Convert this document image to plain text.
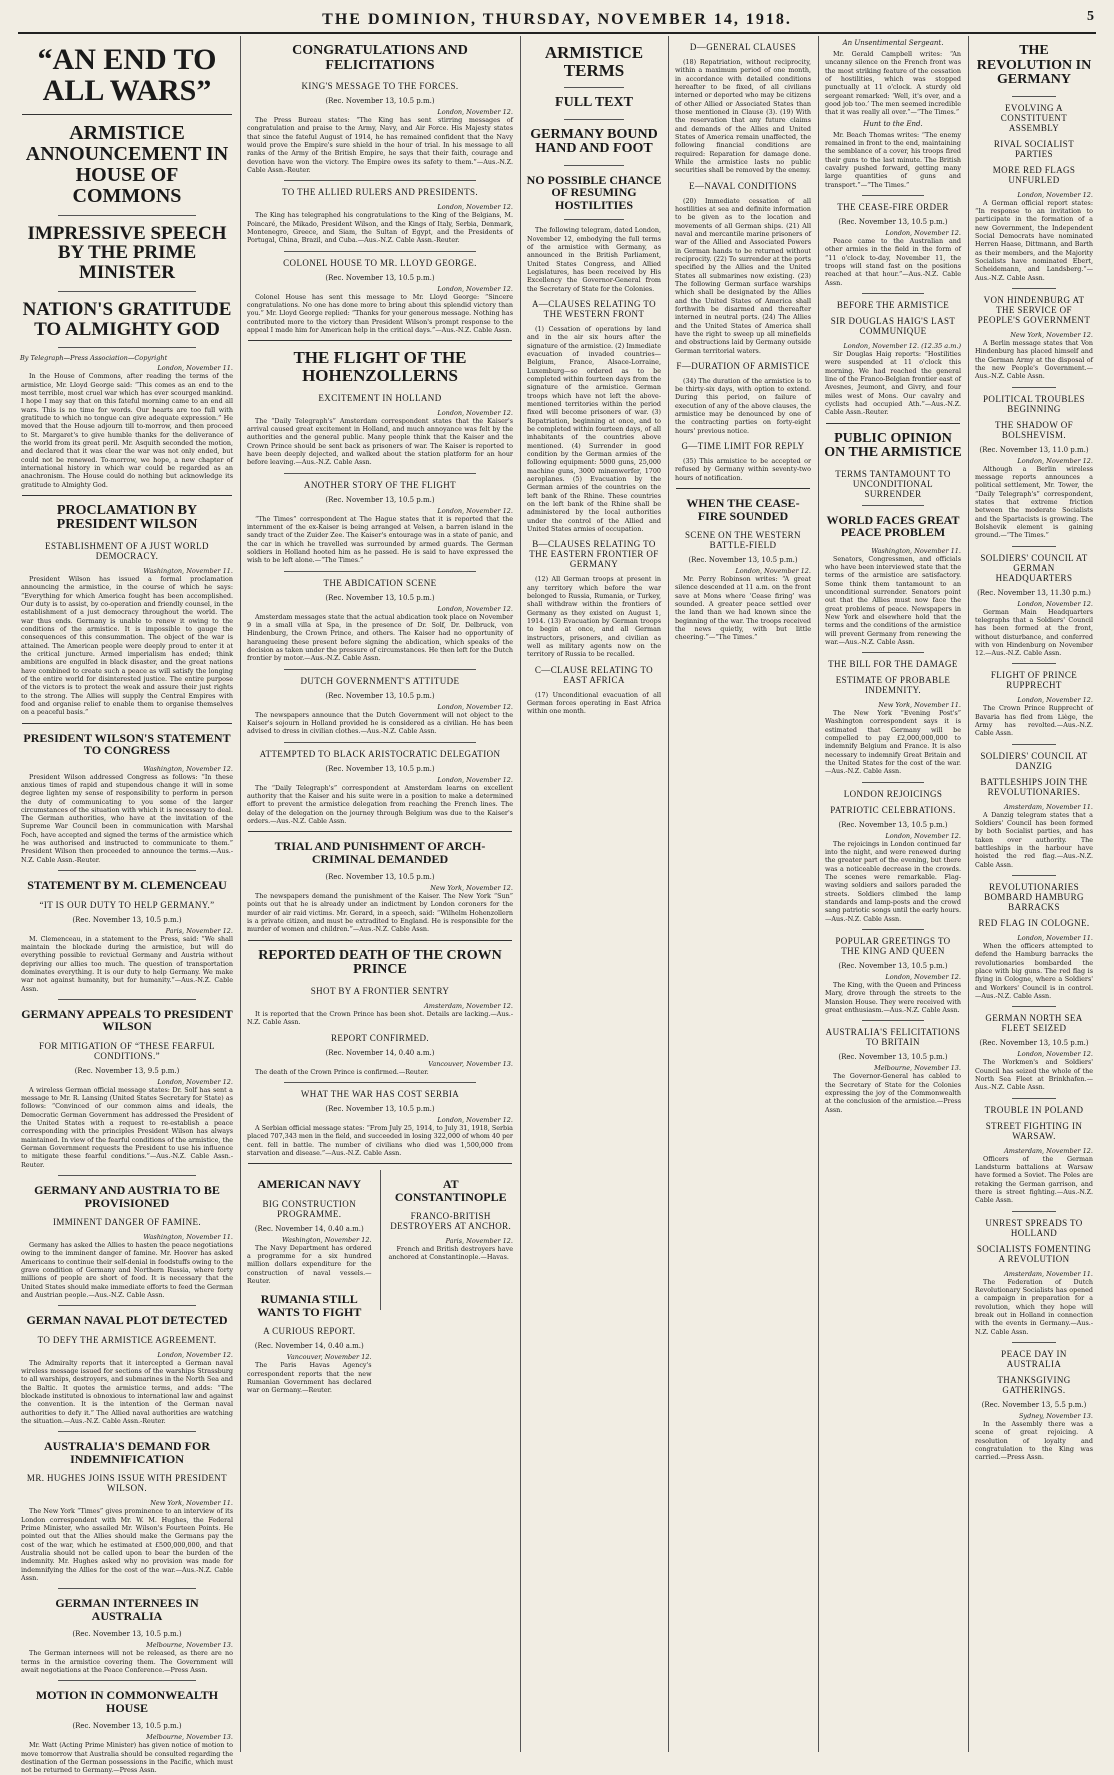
THE DOMINION, THURSDAY, NOVEMBER 14, 1918.	5
“AN END TO ALL WARS”
ARMISTICE ANNOUNCEMENT IN HOUSE OF COMMONS
IMPRESSIVE SPEECH BY THE PRIME MINISTER
NATION'S GRATITUDE TO ALMIGHTY GOD
By Telegraph—Press Association—Copyright
London, November 11.

In the House of Commons, after reading the terms of the armistice, Mr. Lloyd George said: “This comes as an end to the most terrible, most cruel war which has ever scourged mankind. I hope I may say that on this fateful morning came to an end all wars. This is no time for words. Our hearts are too full with gratitude to which no tongue can give adequate expression.” He moved that the House adjourn till to-morrow, and then proceed to St. Margaret's to give humble thanks for the deliverance of the world from its great peril. Mr. Asquith seconded the motion, and declared that it was clear the war was not only ended, but could not be renewed. To-morrow, we hope, a new chapter of international history in which war could be regarded as an anachronism. The House could do nothing but acknowledge its gratitude to Almighty God.

PROCLAMATION BY PRESIDENT WILSON
ESTABLISHMENT OF A JUST WORLD DEMOCRACY.
Washington, November 11.

President Wilson has issued a formal proclamation announcing the armistice, in the course of which he says: “Everything for which America fought has been accomplished. Our duty is to assist, by co-operation and friendly counsel, in the establishment of a just democracy throughout the world. The war thus ends. Germany is unable to renew it owing to the conditions of the armistice. It is impossible to gauge the consequences of this consummation. The object of the war is attained. The American people were deeply proud to enter it at the critical juncture. Armed imperialism has ended; think ambitions are engulfed in black disaster, and the great nations have combined to create such a peace as will satisfy the longing of the entire world for disinterested justice. The entire purpose of the victors is to protect the weak and assure their just rights to the strong. The Allies will supply the Central Empires with food and organise relief to enable them to organise themselves on a peaceful basis.”

PRESIDENT WILSON'S STATEMENT TO CONGRESS
Washington, November 12.

President Wilson addressed Congress as follows: “In these anxious times of rapid and stupendous change it will in some degree lighten my sense of responsibility to perform in person the duty of communicating to you some of the larger circumstances of the situation with which it is necessary to deal. The German authorities, who have at the invitation of the Supreme War Council been in communication with Marshal Foch, have accepted and signed the terms of the armistice which he was authorised and instructed to communicate to them.” President Wilson then proceeded to announce the terms.—Aus.-N.Z. Cable Assn.-Reuter.

STATEMENT BY M. CLEMENCEAU
“IT IS OUR DUTY TO HELP GERMANY.”
(Rec. November 13, 10.5 p.m.)
Paris, November 12.

M. Clemenceau, in a statement to the Press, said: “We shall maintain the blockade during the armistice, but will do everything possible to revictual Germany and Austria without depriving our allies too much. The question of transportation dominates everything. It is our duty to help Germany. We make war not against humanity, but for humanity.”—Aus.-N.Z. Cable Assn.

GERMANY APPEALS TO PRESIDENT WILSON
FOR MITIGATION OF “THESE FEARFUL CONDITIONS.”
(Rec. November 13, 9.5 p.m.)
London, November 12.

A wireless German official message states: Dr. Solf has sent a message to Mr. R. Lansing (United States Secretary for State) as follows: “Convinced of our common aims and ideals, the Democratic German Government has addressed the President of the United States with a request to re-establish a peace corresponding with the principles President Wilson has always maintained. In view of the fearful conditions of the armistice, the German Government requests the President to use his influence to mitigate these fearful conditions.”—Aus.-N.Z. Cable Assn.-Reuter.

GERMANY AND AUSTRIA TO BE PROVISIONED
IMMINENT DANGER OF FAMINE.
Washington, November 11.

Germany has asked the Allies to hasten the peace negotiations owing to the imminent danger of famine. Mr. Hoover has asked Americans to continue their self-denial in foodstuffs owing to the grave condition of Germany and Northern Russia, where forty millions of people are short of food. It is necessary that the United States should make immediate efforts to feed the German and Austrian people.—Aus.-N.Z. Cable Assn.

GERMAN NAVAL PLOT DETECTED
TO DEFY THE ARMISTICE AGREEMENT.
London, November 12.

The Admiralty reports that it intercepted a German naval wireless message issued for sections of the warships Strassburg to all warships, destroyers, and submarines in the North Sea and the Baltic. It quotes the armistice terms, and adds: “The blockade instituted is obnoxious to international law and against the convention. It is the intention of the German naval authorities to defy it.” The Allied naval authorities are watching the situation.—Aus.-N.Z. Cable Assn.-Reuter.

AUSTRALIA'S DEMAND FOR INDEMNIFICATION
MR. HUGHES JOINS ISSUE WITH PRESIDENT WILSON.
New York, November 11.

The New York “Times” gives prominence to an interview of its London correspondent with Mr. W. M. Hughes, the Federal Prime Minister, who assailed Mr. Wilson's Fourteen Points. He pointed out that the Allies should make the Germans pay the cost of the war, which he estimated at £500,000,000, and that Australia should not be called upon to bear the burden of the indemnity. Mr. Hughes asked why no provision was made for indemnifying the Allies for the cost of the war.—Aus.-N.Z. Cable Assn.

GERMAN INTERNEES IN AUSTRALIA
(Rec. November 13, 10.5 p.m.)
Melbourne, November 13.

The German internees will not be released, as there are no terms in the armistice covering them. The Government will await negotiations at the Peace Conference.—Press Assn.

MOTION IN COMMONWEALTH HOUSE
(Rec. November 13, 10.5 p.m.)
Melbourne, November 13.

Mr. Watt (Acting Prime Minister) has given notice of motion to move tomorrow that Australia should be consulted regarding the destination of the German possessions in the Pacific, which must not be returned to Germany.—Press Assn.

CONGRATULATIONS AND FELICITATIONS
KING'S MESSAGE TO THE FORCES.
(Rec. November 13, 10.5 p.m.)
London, November 12.

The Press Bureau states: “The King has sent stirring messages of congratulation and praise to the Army, Navy, and Air Force. His Majesty states that since the fateful August of 1914, he has remained confident that the Navy would prove the Empire's sure shield in the hour of trial. In his message to all ranks of the Army of the British Empire, he says that their faith, courage and devotion have won the victory. The Empire owes its safety to them.”—Aus.-N.Z. Cable Assn.-Reuter.

TO THE ALLIED RULERS AND PRESIDENTS.
London, November 12.

The King has telegraphed his congratulations to the King of the Belgians, M. Poincaré, the Mikado, President Wilson, and the Kings of Italy, Serbia, Denmark, Montenegro, Greece, and Siam, the Sultan of Egypt, and the Presidents of Portugal, China, Brazil, and Cuba.—Aus.-N.Z. Cable Assn.-Reuter.

COLONEL HOUSE TO MR. LLOYD GEORGE.
(Rec. November 13, 10.5 p.m.)
London, November 12.

Colonel House has sent this message to Mr. Lloyd George: “Sincere congratulations. No one has done more to bring about this splendid victory than you.” Mr. Lloyd George replied: “Thanks for your generous message. Nothing has contributed more to the victory than President Wilson's prompt response to the appeal I made him for American help in the critical days.”—Aus.-N.Z. Cable Assn.

THE FLIGHT OF THE HOHENZOLLERNS
EXCITEMENT IN HOLLAND
London, November 12.

The “Daily Telegraph's” Amsterdam correspondent states that the Kaiser's arrival caused great excitement in Holland, and much annoyance was felt by the authorities and the general public. Many people think that the Kaiser and the Crown Prince should be sent back as prisoners of war. The Kaiser is reported to have been deeply dejected, and walked about the station platform for an hour before leaving.—Aus.-N.Z. Cable Assn.

ANOTHER STORY OF THE FLIGHT
(Rec. November 13, 10.5 p.m.)
London, November 12.

“The Times” correspondent at The Hague states that it is reported that the internment of the ex-Kaiser is being arranged at Velsen, a barren island in the sandy tract of the Zuider Zee. The Kaiser's entourage was in a state of panic, and the car in which he travelled was surrounded by armed guards. The German soldiers in Holland hooted him as he passed. He is said to have expressed the wish to be left alone.—“The Times.”

THE ABDICATION SCENE
(Rec. November 13, 10.5 p.m.)
London, November 12.

Amsterdam messages state that the actual abdication took place on November 9 in a small villa at Spa, in the presence of Dr. Solf, Dr. Delbruck, von Hindenburg, the Crown Prince, and others. The Kaiser had no opportunity of harangueing these present before signing the abdication, which speaks of the decision as taken under the pressure of circumstances. He then left for the Dutch frontier by motor.—Aus.-N.Z. Cable Assn.

DUTCH GOVERNMENT'S ATTITUDE
(Rec. November 13, 10.5 p.m.)
London, November 12.

The newspapers announce that the Dutch Government will not object to the Kaiser's sojourn in Holland provided he is considered as a civilian. He has been advised to dress in civilian clothes.—Aus.-N.Z. Cable Assn.

ATTEMPTED TO BLACK ARISTOCRATIC DELEGATION
(Rec. November 13, 10.5 p.m.)
London, November 12.

The “Daily Telegraph's” correspondent at Amsterdam learns on excellent authority that the Kaiser and his suite were in a position to make a determined effort to prevent the armistice delegation from reaching the French lines. The delay of the delegation on the journey through Belgium was due to the Kaiser's orders.—Aus.-N.Z. Cable Assn.

TRIAL AND PUNISHMENT OF ARCH-CRIMINAL DEMANDED
(Rec. November 13, 10.5 p.m.)
New York, November 12.

The newspapers demand the punishment of the Kaiser. The New York “Sun” points out that he is already under an indictment by London coroners for the murder of air raid victims. Mr. Gerard, in a speech, said: “Wilhelm Hohenzollern is a private citizen, and must be extradited to England. He is responsible for the murder of women and children.”—Aus.-N.Z. Cable Assn.

REPORTED DEATH OF THE CROWN PRINCE
SHOT BY A FRONTIER SENTRY
Amsterdam, November 12.

It is reported that the Crown Prince has been shot. Details are lacking.—Aus.-N.Z. Cable Assn.

REPORT CONFIRMED.
(Rec. November 14, 0.40 a.m.)
Vancouver, November 13.

The death of the Crown Prince is confirmed.—Reuter.

WHAT THE WAR HAS COST SERBIA
(Rec. November 13, 10.5 p.m.)
London, November 12.

A Serbian official message states: “From July 25, 1914, to July 31, 1918, Serbia placed 707,343 men in the field, and succeeded in losing 322,000 of whom 40 per cent. fell in battle. The number of civilians who died was 1,500,000 from starvation and disease.”—Aus.-N.Z. Cable Assn.

AMERICAN NAVY
BIG CONSTRUCTION PROGRAMME.
(Rec. November 14, 0.40 a.m.)
Washington, November 12.

The Navy Department has ordered a programme for a six hundred million dollars expenditure for the construction of naval vessels.—Reuter.

RUMANIA STILL WANTS TO FIGHT
A CURIOUS REPORT.
(Rec. November 14, 0.40 a.m.)
Vancouver, November 12.

The Paris Havas Agency's correspondent reports that the new Rumanian Government has declared war on Germany.—Reuter.

AT CONSTANTINOPLE
FRANCO-BRITISH DESTROYERS AT ANCHOR.
Paris, November 12.

French and British destroyers have anchored at Constantinople.—Havas.

ARMISTICE TERMS
FULL TEXT
GERMANY BOUND HAND AND FOOT
NO POSSIBLE CHANCE OF RESUMING HOSTILITIES

The following telegram, dated London, November 12, embodying the full terms of the armistice with Germany, as announced in the British Parliament, United States Congress, and Allied Legislatures, has been received by His Excellency the Governor-General from the Secretary of State for the Colonies.

A—CLAUSES RELATING TO THE WESTERN FRONT

(1) Cessation of operations by land and in the air six hours after the signature of the armistice. (2) Immediate evacuation of invaded countries—Belgium, France, Alsace-Lorraine, Luxemburg—so ordered as to be completed within fourteen days from the signature of the armistice. German troops which have not left the above-mentioned territories within the period fixed will become prisoners of war. (3) Repatriation, beginning at once, and to be completed within fourteen days, of all inhabitants of the countries above mentioned. (4) Surrender in good condition by the German armies of the following equipment: 5000 guns, 25,000 machine guns, 3000 minenwerfer, 1700 aeroplanes. (5) Evacuation by the German armies of the countries on the left bank of the Rhine. These countries on the left bank of the Rhine shall be administered by the local authorities under the control of the Allied and United States armies of occupation.

B—CLAUSES RELATING TO THE EASTERN FRONTIER OF GERMANY

(12) All German troops at present in any territory which before the war belonged to Russia, Rumania, or Turkey, shall withdraw within the frontiers of Germany as they existed on August 1, 1914. (13) Evacuation by German troops to begin at once, and all German instructors, prisoners, and civilian as well as military agents now on the territory of Russia to be recalled.

C—CLAUSE RELATING TO EAST AFRICA

(17) Unconditional evacuation of all German forces operating in East Africa within one month.

D—GENERAL CLAUSES

(18) Repatriation, without reciprocity, within a maximum period of one month, in accordance with detailed conditions hereafter to be fixed, of all civilians interned or deported who may be citizens of other Allied or Associated States than those mentioned in Clause (3). (19) With the reservation that any future claims and demands of the Allies and United States of America remain unaffected, the following financial conditions are required: Reparation for damage done. While the armistice lasts no public securities shall be removed by the enemy.

E—NAVAL CONDITIONS

(20) Immediate cessation of all hostilities at sea and definite information to be given as to the location and movements of all German ships. (21) All naval and mercantile marine prisoners of war of the Allied and Associated Powers in German hands to be returned without reciprocity. (22) To surrender at the ports specified by the Allies and the United States all submarines now existing. (23) The following German surface warships which shall be designated by the Allies and the United States of America shall forthwith be disarmed and thereafter interned in neutral ports. (24) The Allies and the United States of America shall have the right to sweep up all minefields and obstructions laid by Germany outside German territorial waters.

F—DURATION OF ARMISTICE

(34) The duration of the armistice is to be thirty-six days, with option to extend. During this period, on failure of execution of any of the above clauses, the armistice may be denounced by one of the contracting parties on forty-eight hours' previous notice.

G—TIME LIMIT FOR REPLY

(35) This armistice to be accepted or refused by Germany within seventy-two hours of notification.

WHEN THE CEASE-FIRE SOUNDED
SCENE ON THE WESTERN BATTLE-FIELD
(Rec. November 13, 10.5 p.m.)
London, November 12.

Mr. Perry Robinson writes: “A great silence descended at 11 a.m. on the front save at Mons where ‘Cease firing’ was sounded. A greater peace settled over the land than we had known since the beginning of the war. The troops received the news quietly, with but little cheering.”—“The Times.”

An Unsentimental Sergeant.

Mr. Gerald Campbell writes: “An uncanny silence on the French front was the most striking feature of the cessation of hostilities, which was stopped punctually at 11 o'clock. A sturdy old sergeant remarked: ‘Well, it's over, and a good job too.’ The men seemed incredible that it was really all over.”—“The Times.”

Hunt to the End.

Mr. Beach Thomas writes: “The enemy remained in front to the end, maintaining the semblance of a cover, his troops fired their guns to the last minute. The British cavalry pushed forward, getting many large quantities of guns and transport.”—“The Times.”

THE CEASE-FIRE ORDER
(Rec. November 13, 10.5 p.m.)
London, November 12.

Peace came to the Australian and other armies in the field in the form of “11 o'clock to-day, November 11, the troops will stand fast on the positions reached at that hour.”—Aus.-N.Z. Cable Assn.

BEFORE THE ARMISTICE
SIR DOUGLAS HAIG'S LAST COMMUNIQUE
London, November 12. (12.35 a.m.)

Sir Douglas Haig reports: “Hostilities were suspended at 11 o'clock this morning. We had reached the general line of the Franco-Belgian frontier east of Avesnes, Jeumont, and Givry, and four miles west of Mons. Our cavalry and cyclists had occupied Ath.”—Aus.-N.Z. Cable Assn.-Reuter.

PUBLIC OPINION ON THE ARMISTICE
TERMS TANTAMOUNT TO UNCONDITIONAL SURRENDER
WORLD FACES GREAT PEACE PROBLEM
Washington, November 11.

Senators, Congressmen, and officials who have been interviewed state that the terms of the armistice are satisfactory. Some think them tantamount to an unconditional surrender. Senators point out that the Allies must now face the great problems of peace. Newspapers in New York and elsewhere hold that the terms and the conditions of the armistice will prevent Germany from renewing the war.—Aus.-N.Z. Cable Assn.

THE BILL FOR THE DAMAGE
ESTIMATE OF PROBABLE INDEMNITY.
New York, November 11.

The New York “Evening Post's” Washington correspondent says it is estimated that Germany will be compelled to pay £2,000,000,000 to indemnify Belgium and France. It is also necessary to indemnify Great Britain and the United States for the cost of the war.—Aus.-N.Z. Cable Assn.

LONDON REJOICINGS
PATRIOTIC CELEBRATIONS.
(Rec. November 13, 10.5 p.m.)
London, November 12.

The rejoicings in London continued far into the night, and were renewed during the greater part of the evening, but there was a noticeable decrease in the crowds. The scenes were remarkable. Flag-waving soldiers and sailors paraded the streets. Soldiers climbed the lamp standards and lamp-posts and the crowd sang patriotic songs until the early hours.—Aus.-N.Z. Cable Assn.

POPULAR GREETINGS TO THE KING AND QUEEN
(Rec. November 13, 10.5 p.m.)
London, November 12.

The King, with the Queen and Princess Mary, drove through the streets to the Mansion House. They were received with great enthusiasm.—Aus.-N.Z. Cable Assn.

AUSTRALIA'S FELICITATIONS TO BRITAIN
(Rec. November 13, 10.5 p.m.)
Melbourne, November 13.

The Governor-General has cabled to the Secretary of State for the Colonies expressing the joy of the Commonwealth at the conclusion of the armistice.—Press Assn.

THE REVOLUTION IN GERMANY
EVOLVING A CONSTITUENT ASSEMBLY
RIVAL SOCIALIST PARTIES
MORE RED FLAGS UNFURLED
London, November 12.

A German official report states: “In response to an invitation to participate in the formation of a new Government, the Independent Social Democrats have nominated Herren Haase, Dittmann, and Barth as their members, and the Majority Socialists have nominated Ebert, Scheidemann, and Landsberg.”—Aus.-N.Z. Cable Assn.

VON HINDENBURG AT THE SERVICE OF PEOPLE'S GOVERNMENT
New York, November 12.

A Berlin message states that Von Hindenburg has placed himself and the German Army at the disposal of the new People's Government.—Aus.-N.Z. Cable Assn.

POLITICAL TROUBLES BEGINNING
THE SHADOW OF BOLSHEVISM.
(Rec. November 13, 11.0 p.m.)
London, November 12.

Although a Berlin wireless message reports announces a political settlement, Mr. Tower, the “Daily Telegraph's” correspondent, states that extreme friction between the moderate Socialists and the Spartacists is growing. The Bolshevik element is gaining ground.—“The Times.”

SOLDIERS' COUNCIL AT GERMAN HEADQUARTERS
(Rec. November 13, 11.30 p.m.)
London, November 12.

German Main Headquarters telegraphs that a Soldiers' Council has been formed at the front, without disturbance, and conferred with von Hindenburg on November 12.—Aus.-N.Z. Cable Assn.

FLIGHT OF PRINCE RUPPRECHT
London, November 12.

The Crown Prince Rupprecht of Bavaria has fled from Liège, the Army has revolted.—Aus.-N.Z. Cable Assn.

SOLDIERS' COUNCIL AT DANZIG
BATTLESHIPS JOIN THE REVOLUTIONARIES.
Amsterdam, November 11.

A Danzig telegram states that a Soldiers' Council has been formed by both Socialist parties, and has taken over authority. The battleships in the harbour have hoisted the red flag.—Aus.-N.Z. Cable Assn.

REVOLUTIONARIES BOMBARD HAMBURG BARRACKS
RED FLAG IN COLOGNE.
London, November 11.

When the officers attempted to defend the Hamburg barracks the revolutionaries bombarded the place with big guns. The red flag is flying in Cologne, where a Soldiers' and Workers' Council is in control.—Aus.-N.Z. Cable Assn.

GERMAN NORTH SEA FLEET SEIZED
(Rec. November 13, 10.5 p.m.)
London, November 12.

The Workmen's and Soldiers' Council has seized the whole of the North Sea Fleet at Brinkhafen.—Aus.-N.Z. Cable Assn.

TROUBLE IN POLAND
STREET FIGHTING IN WARSAW.
Amsterdam, November 12.

Officers of the German Landsturm battalions at Warsaw have formed a Soviet. The Poles are retaking the German garrison, and there is street fighting.—Aus.-N.Z. Cable Assn.

UNREST SPREADS TO HOLLAND
SOCIALISTS FOMENTING A REVOLUTION
Amsterdam, November 11.

The Federation of Dutch Revolutionary Socialists has opened a campaign in preparation for a revolution, which they hope will break out in Holland in connection with the events in Germany.—Aus.-N.Z. Cable Assn.

PEACE DAY IN AUSTRALIA
THANKSGIVING GATHERINGS.
(Rec. November 13, 5.5 p.m.)
Sydney, November 13.

In the Assembly there was a scene of great rejoicing. A resolution of loyalty and congratulation to the King was carried.—Press Assn.
